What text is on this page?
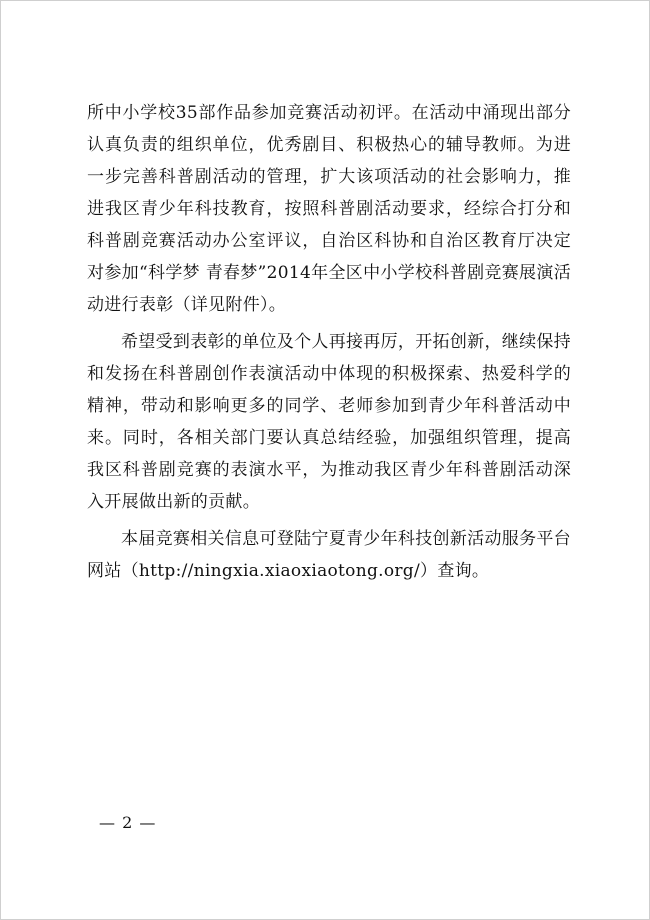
所中小学校35部作品参加竞赛活动初评。在活动中涌现出部分认真负责的组织单位，优秀剧目、积极热心的辅导教师。为进一步完善科普剧活动的管理，扩大该项活动的社会影响力，推进我区青少年科技教育，按照科普剧活动要求，经综合打分和科普剧竞赛活动办公室评议，自治区科协和自治区教育厅决定对参加“科学梦 青春梦”2014年全区中小学校科普剧竞赛展演活动进行表彰（详见附件）。

希望受到表彰的单位及个人再接再厉，开拓创新，继续保持和发扬在科普剧创作表演活动中体现的积极探索、热爱科学的精神，带动和影响更多的同学、老师参加到青少年科普活动中来。同时，各相关部门要认真总结经验，加强组织管理，提高我区科普剧竞赛的表演水平，为推动我区青少年科普剧活动深入开展做出新的贡献。

本届竞赛相关信息可登陆宁夏青少年科技创新活动服务平台网站（http://ningxia.xiaoxiaotong.org/）查询。

— 2 —
